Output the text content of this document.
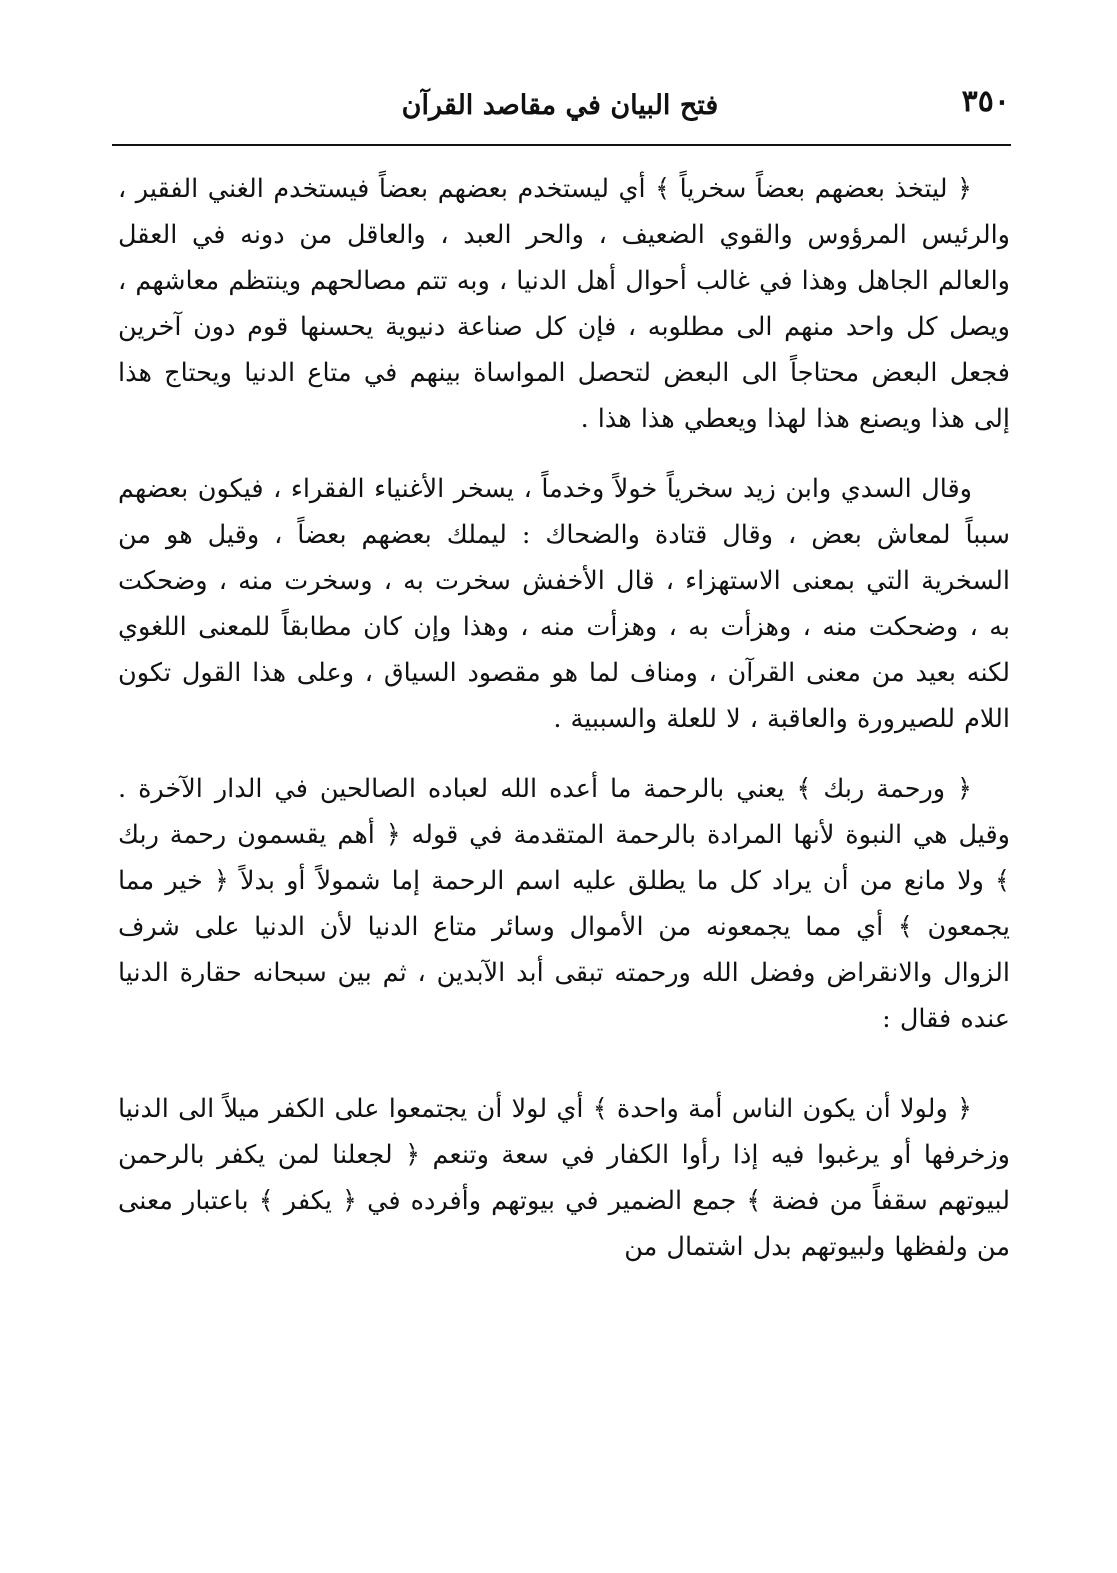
٣٥٠
فتح البيان في مقاصد القرآن

﴿ ليتخذ بعضهم بعضاً سخرياً ﴾ أي ليستخدم بعضهم بعضاً فيستخدم الغني الفقير ، والرئيس المرؤوس والقوي الضعيف ، والحر العبد ، والعاقل من دونه في العقل والعالم الجاهل وهذا في غالب أحوال أهل الدنيا ، وبه تتم مصالحهم وينتظم معاشهم ، ويصل كل واحد منهم الى مطلوبه ، فإن كل صناعة دنيوية يحسنها قوم دون آخرين فجعل البعض محتاجاً الى البعض لتحصل المواساة بينهم في متاع الدنيا ويحتاج هذا إلى هذا ويصنع هذا لهذا ويعطي هذا هذا .

وقال السدي وابن زيد سخرياً خولاً وخدماً ، يسخر الأغنياء الفقراء ، فيكون بعضهم سبباً لمعاش بعض ، وقال قتادة والضحاك : ليملك بعضهم بعضاً ، وقيل هو من السخرية التي بمعنى الاستهزاء ، قال الأخفش سخرت به ، وسخرت منه ، وضحكت به ، وضحكت منه ، وهزأت به ، وهزأت منه ، وهذا وإن كان مطابقاً للمعنى اللغوي لكنه بعيد من معنى القرآن ، ومناف لما هو مقصود السياق ، وعلى هذا القول تكون اللام للصيرورة والعاقبة ، لا للعلة والسببية .

﴿ ورحمة ربك ﴾ يعني بالرحمة ما أعده الله لعباده الصالحين في الدار الآخرة . وقيل هي النبوة لأنها المرادة بالرحمة المتقدمة في قوله ﴿ أهم يقسمون رحمة ربك ﴾ ولا مانع من أن يراد كل ما يطلق عليه اسم الرحمة إما شمولاً أو بدلاً ﴿ خير مما يجمعون ﴾ أي مما يجمعونه من الأموال وسائر متاع الدنيا لأن الدنيا على شرف الزوال والانقراض وفضل الله ورحمته تبقى أبد الآبدين ، ثم بين سبحانه حقارة الدنيا عنده فقال :

﴿ ولولا أن يكون الناس أمة واحدة ﴾ أي لولا أن يجتمعوا على الكفر ميلاً الى الدنيا وزخرفها أو يرغبوا فيه إذا رأوا الكفار في سعة وتنعم ﴿ لجعلنا لمن يكفر بالرحمن لبيوتهم سقفاً من فضة ﴾ جمع الضمير في بيوتهم وأفرده في ﴿ يكفر ﴾ باعتبار معنى من ولفظها ولبيوتهم بدل اشتمال من
